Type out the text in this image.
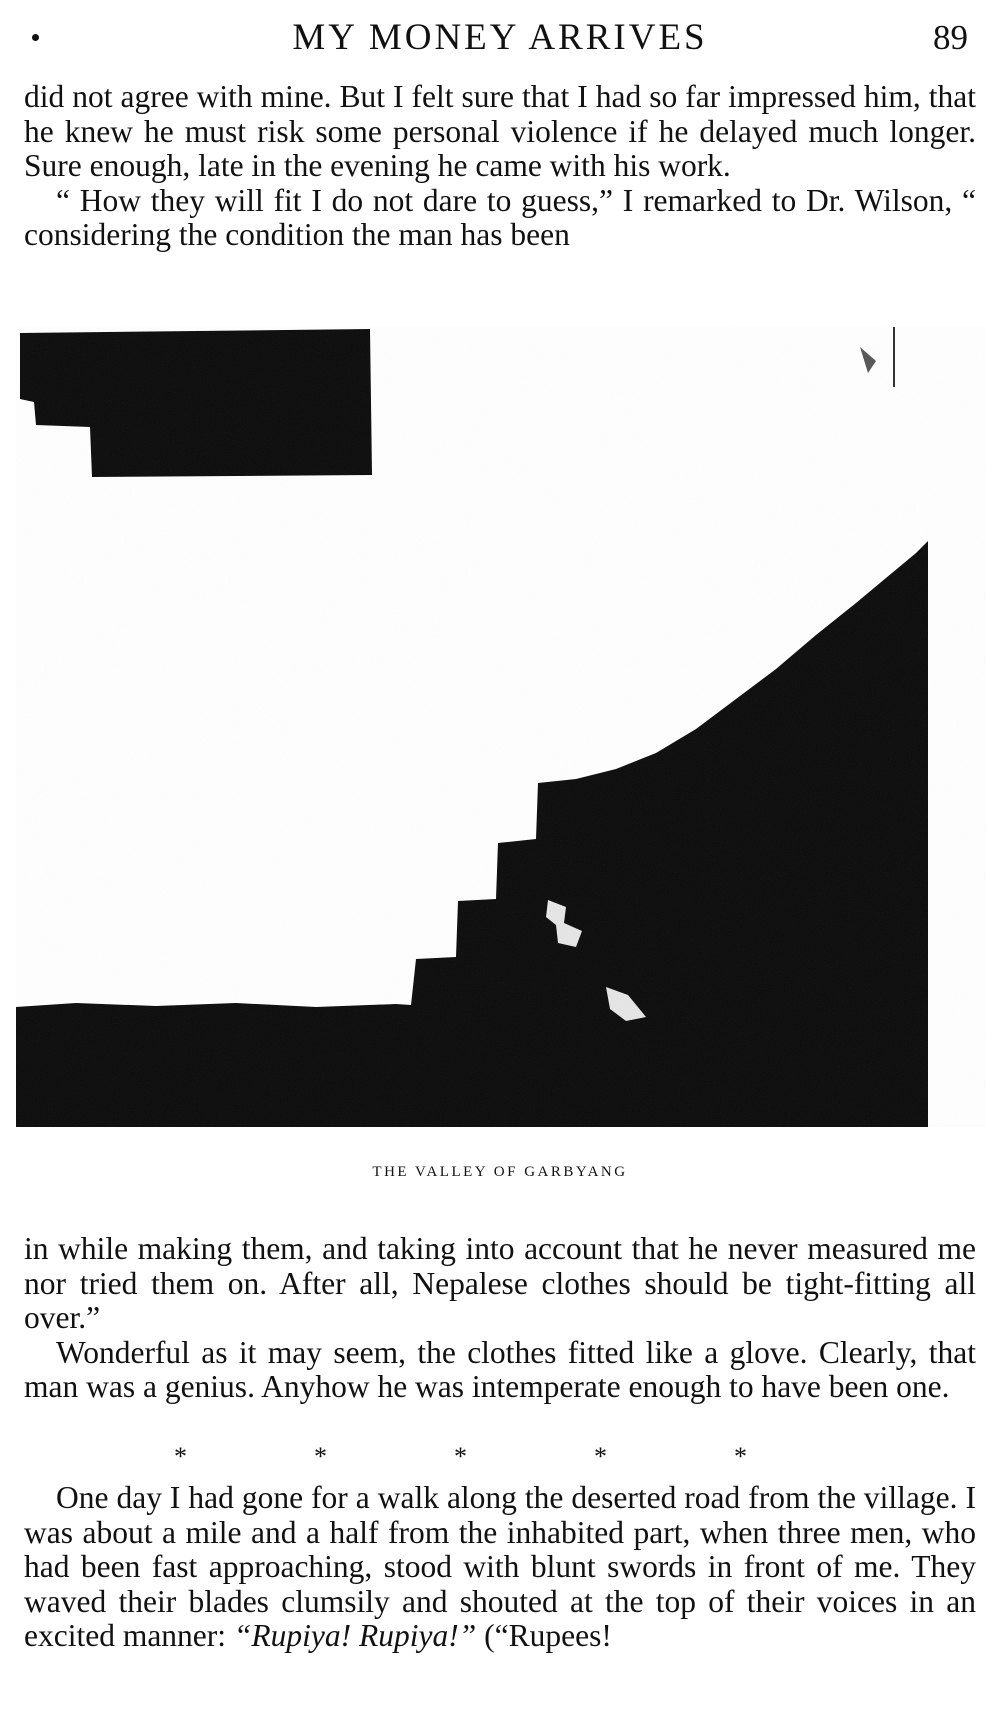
MY MONEY ARRIVES	89

did not agree with mine. But I felt sure that I had so far impressed him, that he knew he must risk some personal violence if he delayed much longer. Sure enough, late in the evening he came with his work.

“ How they will fit I do not dare to guess,” I remarked to Dr. Wilson, “ considering the condition the man has been

THE VALLEY OF GARBYANG

in while making them, and taking into account that he never measured me nor tried them on. After all, Nepalese clothes should be tight-fitting all over.”

Wonderful as it may seem, the clothes fitted like a glove. Clearly, that man was a genius. Anyhow he was intemperate enough to have been one.

*	*	*	*	*

One day I had gone for a walk along the deserted road from the village. I was about a mile and a half from the inhabited part, when three men, who had been fast approaching, stood with blunt swords in front of me. They waved their blades clumsily and shouted at the top of their voices in an excited manner: “Rupiya! Rupiya!” (“Rupees!
